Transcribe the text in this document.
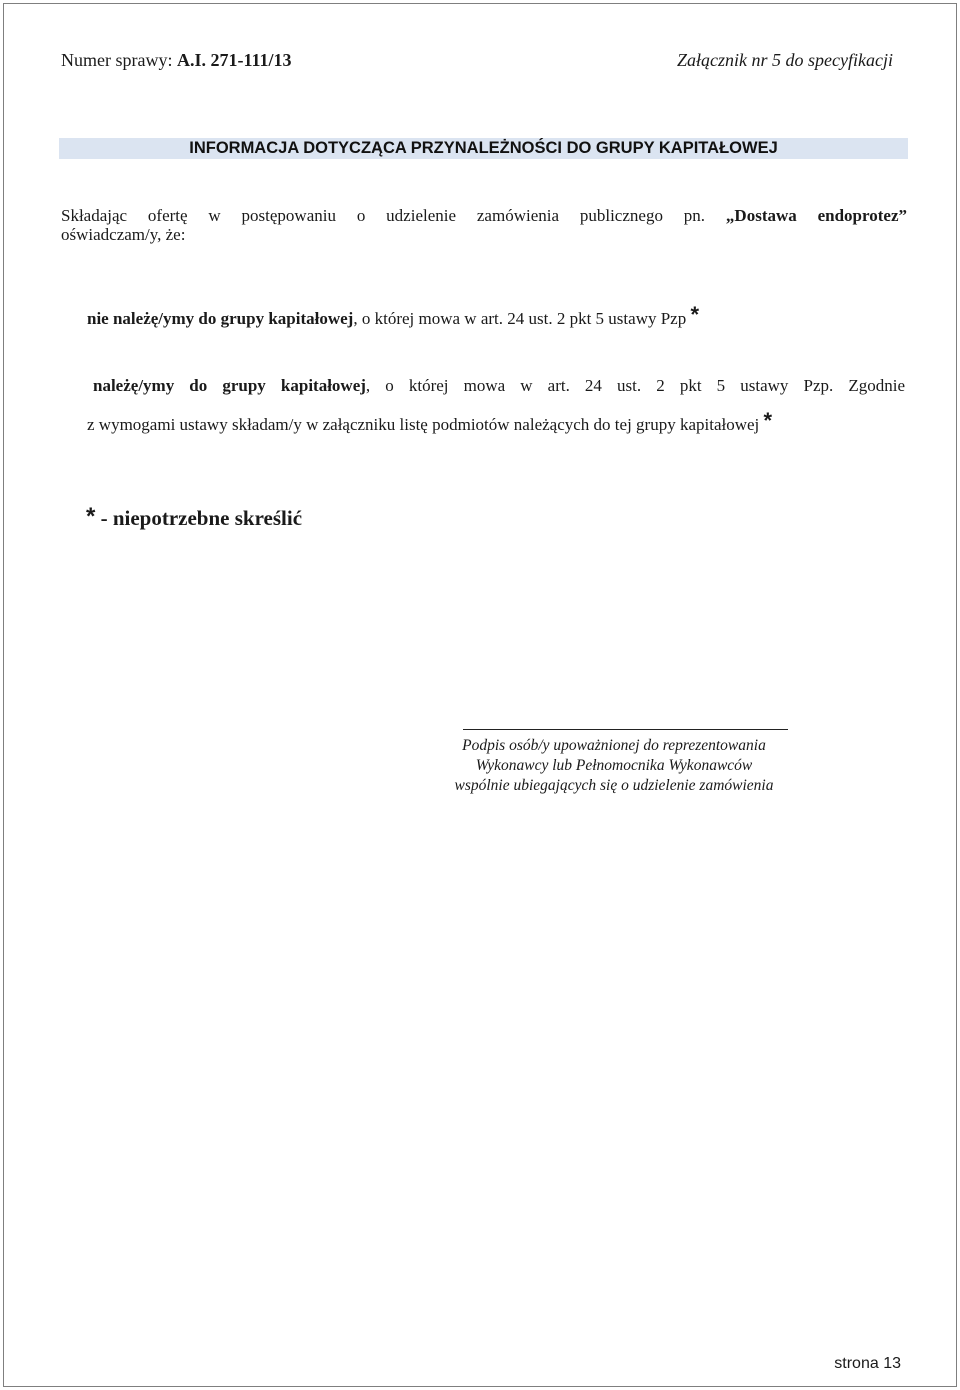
Numer sprawy: A.I. 271-111/13	Załącznik nr 5 do specyfikacji
INFORMACJA DOTYCZĄCA PRZYNALEŻNOŚCI DO GRUPY KAPITAŁOWEJ
Składając ofertę w postępowaniu o udzielenie zamówienia publicznego pn. „Dostawa endoprotez”
oświadczam/y, że:
nie należę/ymy do grupy kapitałowej, o której mowa w art. 24 ust. 2 pkt 5 ustawy Pzp *
należę/ymy do grupy kapitałowej, o której mowa w art. 24 ust. 2 pkt 5 ustawy Pzp. Zgodnie
z wymogami ustawy składam/y w załączniku listę podmiotów należących do tej grupy kapitałowej *
* - niepotrzebne skreślić
Podpis osób/y upoważnionej do reprezentowania
Wykonawcy lub Pełnomocnika Wykonawców
wspólnie ubiegających się o udzielenie zamówienia
strona 13
